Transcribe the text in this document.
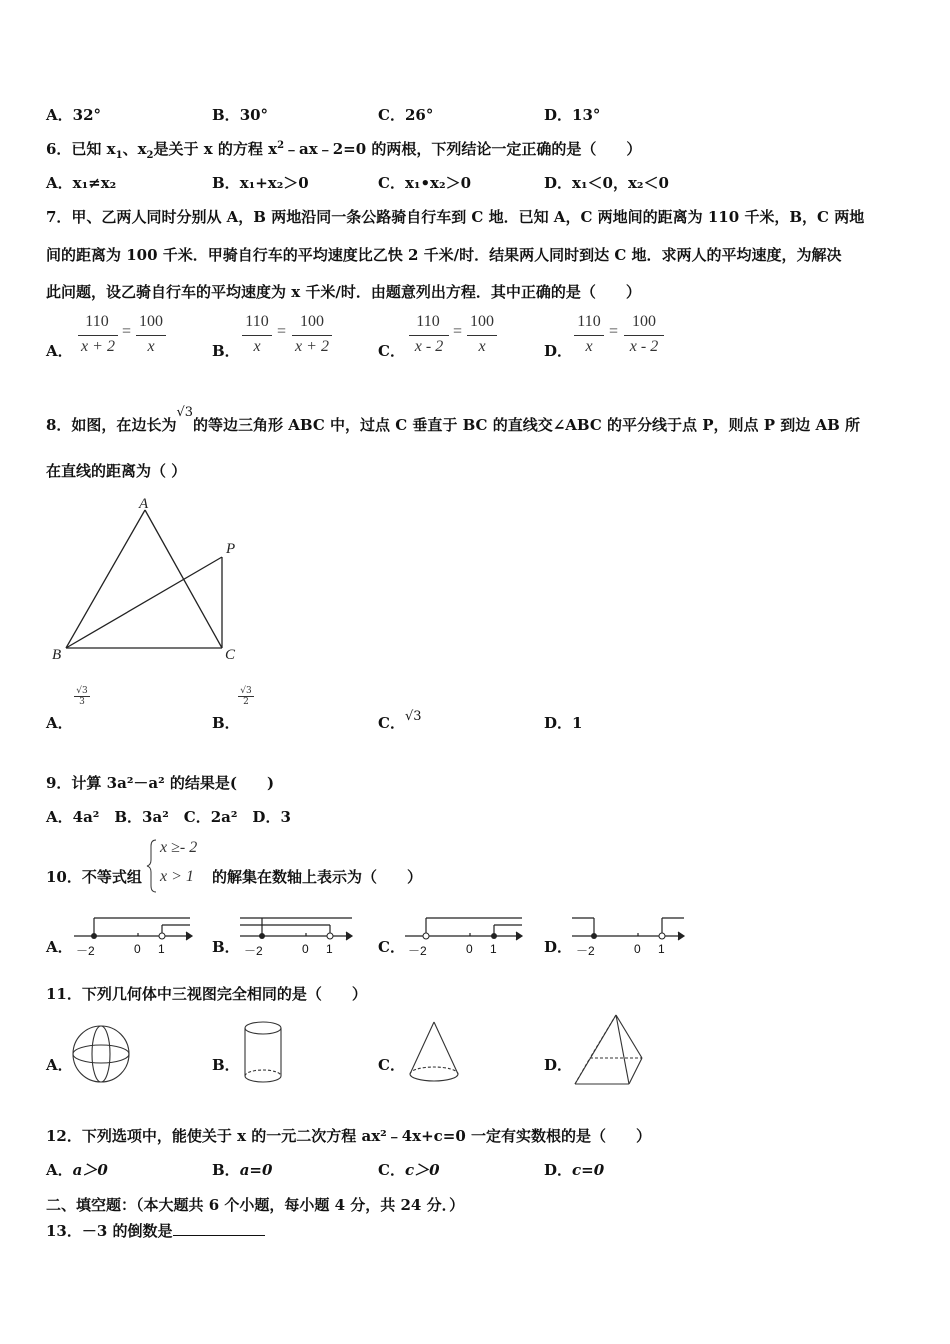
A．32°	B．30°	C．26°	D．13°
6．已知 $x_1$、$x_2$是关于 x 的方程 $x^2﹣ax﹣2=0$ 的两根，下列结论一定正确的是（　　）
A．x₁≠x₂	B．x₁+x₂＞0	C．x₁•x₂＞0	D．x₁＜0，x₂＜0
7．甲、乙两人同时分别从 A，B 两地沿同一条公路骑自行车到 C 地．已知 A，C 两地间的距离为 110 千米，B，C 两地
间的距离为 100 千米．甲骑自行车的平均速度比乙快 2 千米/时．结果两人同时到达 C 地．求两人的平均速度，为解决
此问题，设乙骑自行车的平均速度为 x 千米/时．由题意列出方程．其中正确的是（　　）
A．
110
x + 2
=
100
x	B．
110
x
=
100
x + 2	C．
110
x - 2
=
100
x	D．
110
x
=
100
x - 2
8．如图，在边长为√3的等边三角形 ABC 中，过点 C 垂直于 BC 的直线交∠ABC 的平分线于点 P，则点 P 到边 AB 所
在直线的距离为（ ）
A
B	C
P
A．
√3
3
B．
√3
2
C．√3	D．1
9．计算 3a²－a² 的结果是(　　)
A．4a²　B．3a²　C．2a²　D．3
10．不等式组
x ≥- 2
x > 1 的解集在数轴上表示为（　　）
A． －2	0 1	B． －2	0 1	C． －2	0 1	D． －2	0 1
11．下列几何体中三视图完全相同的是（　　）
A．	B．	C．	D．
12．下列选项中，能使关于 x 的一元二次方程 ax²﹣4x+c=0 一定有实数根的是（　　）
A．a＞0	B．a=0	C．c＞0	D．c=0
二、填空题：（本大题共 6 个小题，每小题 4 分，共 24 分．）
13．－3 的倒数是
